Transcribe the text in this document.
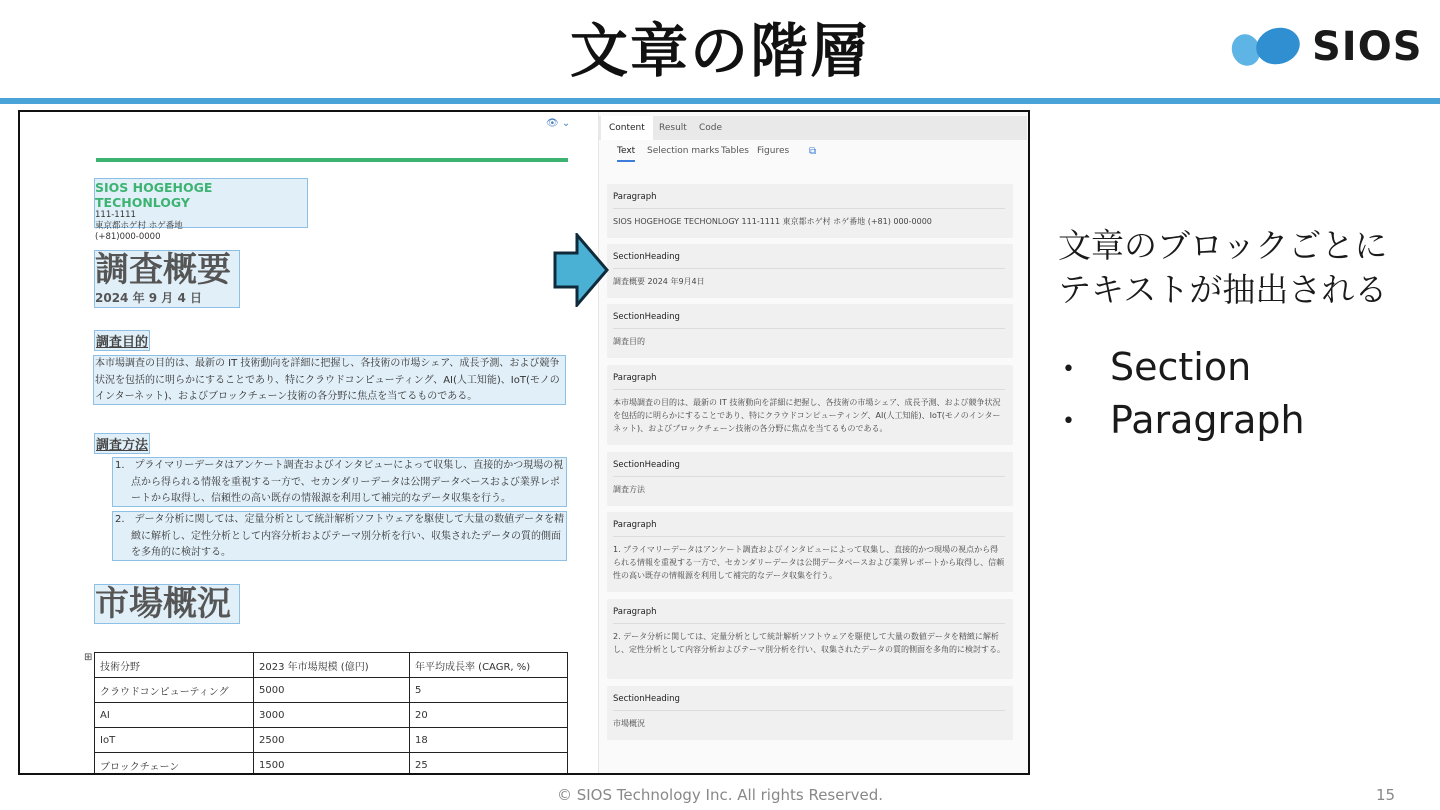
文章の階層	SIOS
👁 ⌄
SIOS HOGEHOGE TECHONLOGY
111-1111
東京都ホゲ村 ホゲ番地
(+81)000-0000
調査概要
2024 年 9 月 4 日
調査目的
本市場調査の目的は、最新の IT 技術動向を詳細に把握し、各技術の市場シェア、成長予測、および競争状況を包括的に明らかにすることであり、特にクラウドコンピューティング、AI(人工知能)、IoT(モノのインターネット)、およびブロックチェーン技術の各分野に焦点を当てるものである。
調査方法
1.　プライマリーデータはアンケート調査およびインタビューによって収集し、直接的かつ現場の視点から得られる情報を重視する一方で、セカンダリーデータは公開データベースおよび業界レポートから取得し、信頼性の高い既存の情報源を利用して補完的なデータ収集を行う。
2.　データ分析に関しては、定量分析として統計解析ソフトウェアを駆使して大量の数値データを精緻に解析し、定性分析として内容分析およびテーマ別分析を行い、収集されたデータの質的側面を多角的に検討する。
市場概況
⊞
技術分野	2023 年市場規模 (億円)	年平均成長率 (CAGR, %)
クラウドコンピューティング	5000	5
AI	3000	20
IoT	2500	18
ブロックチェーン	1500	25
Content	Result	Code
Text Selection marks Tables Figures ⧉
Paragraph
SIOS HOGEHOGE TECHONLOGY 111-1111 東京都ホゲ村 ホゲ番地 (+81) 000-0000
SectionHeading
調査概要 2024 年9月4日
SectionHeading
調査目的
Paragraph
本市場調査の目的は、最新の IT 技術動向を詳細に把握し、各技術の市場シェア、成長予測、および競争状況を包括的に明らかにすることであり、特にクラウドコンピューティング、AI(人工知能)、IoT(モノのインターネット)、およびブロックチェーン技術の各分野に焦点を当てるものである。
SectionHeading
調査方法
Paragraph
1. プライマリーデータはアンケート調査およびインタビューによって収集し、直接的かつ現場の視点から得られる情報を重視する一方で、セカンダリーデータは公開データベースおよび業界レポートから取得し、信頼性の高い既存の情報源を利用して補完的なデータ収集を行う。
Paragraph
2. データ分析に関しては、定量分析として統計解析ソフトウェアを駆使して大量の数値データを精緻に解析し、定性分析として内容分析およびテーマ別分析を行い、収集されたデータの質的側面を多角的に検討する。
SectionHeading
市場概況
文章のブロックごとに
テキストが抽出される
• Section
• Paragraph
© SIOS Technology Inc. All rights Reserved.	15
